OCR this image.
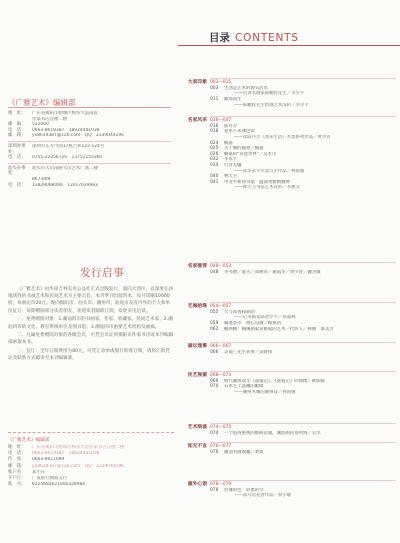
《广雅艺术》编辑部
地　址：	广东省揭阳市榕城区梅华大道南段
作家书店首楼二楼
邮　编：	522000
电　话：	0663-8619387　18924441038
邮　箱：	yx8619387@126.com　QQ：2339044196
深圳办事处：
深圳市东方可园17栋吉祥122-124号
电　话：	0755-22256726　13751155360
汕头办事处：
汕头市大山南路大山艺术厂场二楼
867-809
电　话：	13829068090　13017639983
发行启事

《广雅艺术》由华南吉林美术公益社正式出版发行，面向大湾区，以深度弘扬地域性的书画艺术和民间艺术为主要宗旨，本刊季刊出版四本，每月印刷10000册，每册定价20元。现向揭阳市、汕头市、潮州市、汕尾市及省内外的个人和单位征订，每期赠阅部分读者朋友，欢迎读者踊跃订阅，欢迎来电洽谈。

一、免费赠阅对象：1.潮汕四市的书画家、作家、收藏家、民间艺术家；2.潮汕四市的文化、教育系统单位及图书馆；3.潮汕四市重要艺术机构及画廊。

二、凡属免费赠阅对象的各级会员，可凭会员证到揭阳市作家书店或本刊编辑部索取本书。

三、征订：全年订阅费用为80元，可凭汇款单或银行转账订阅，请将汇款凭证及联系方式邮寄至本刊编辑部。

《广雅艺术》编辑部
地　址：	广东省揭阳市榕城区梅华大道作家书店首楼二楼
电　话：	0663-8619387　18924441038
传　真：	0663-8611089
邮　箱：	yx8619387@126.com　QQ：2339044196
账户名：	郑小东
开户行：	广发银行揭阳支行
账　号：	6225682621000328984
目录 CONTENTS
大家印象 003—015
003	生活是艺术的源头活水
——访著名画家陈鹏程先生／李少平
011	随境而生
——陈鹏程先生绘画艺术浅析／李少平
名家风采 016—047
016	陈丹芳
018	意见不求颜色似
——读陈丹芳《原来生活》水墨系列作品／黄少青
024	楠嘉
025	关于画的随想／楠嘉
026	楠嘉的"诗意世界"／吴水川
032	李永宇
034	行者无疆
——读李永宇水墨写生作品／林海强
040	林大卫
041	中北平和得书道　温润秀雅精精神
——林大卫书法艺术赏析／李惠文
名家推荐 048—053
048	李书德／庞夫／郑树荣／谢霞华／黄少青／魏为敏
艺海拾珠 054—057
055	天与高秀和骄韵
——记书画家陈智罗平／孙嘉林
059	翰墨荟萃　两心勾画／杨燕清
062	楠鸿楠：楠溪画家赏画家的艺术一代传人／柯丽　蔡美芳
画坛逸事 066—067
066	吴南三先生轶事／吴晓锋
民艺视窗 068—073
069	明代潮州戏文《荔镜记》、《荔枝记》的图像／欧阳晖
070	石木生上落魄的眼睛
——潮州木雕的潮州戏／林海强
艺术络谈 074—075
074	一个值得重视的群研话题，潮汕的民俗风情／吴水
知无不言 076—077
076	潮汕书画收藏／刘勇
画外心语 078—079
078	轻薄的色　轻柔的空
——读鸟语花香作品／蔡小敏
